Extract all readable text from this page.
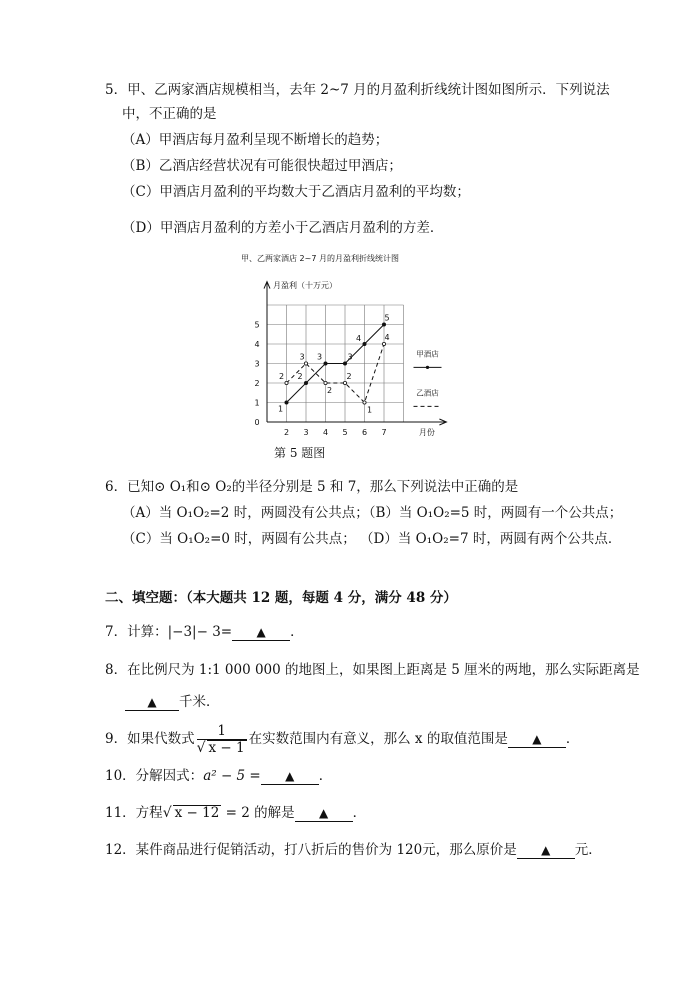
5．甲、乙两家酒店规模相当，去年 2~7 月的月盈利折线统计图如图所示．下列说法
中，不正确的是
（A）甲酒店每月盈利呈现不断增长的趋势；
（B）乙酒店经营状况有可能很快超过甲酒店；
（C）甲酒店月盈利的平均数大于乙酒店月盈利的平均数；
（D）甲酒店月盈利的方差小于乙酒店月盈利的方差．
甲、乙两家酒店 2~7 月的月盈利折线统计图
月盈利（十万元）
月份
0
1
2
3
4
5
2 3 4 5 6 7
1
2
3	3
4
5
2
3
2
2
1
4
甲酒店
乙酒店
第 5 题图
6．已知⊙ O₁和⊙ O₂的半径分别是 5 和 7，那么下列说法中正确的是
（A）当 O₁O₂=2 时，两圆没有公共点；（B）当 O₁O₂=5 时，两圆有一个公共点；
（C）当 O₁O₂=0 时，两圆有公共点； （D）当 O₁O₂=7 时，两圆有两个公共点．
二、填空题：（本大题共 12 题，每题 4 分，满分 48 分）
7．计算：|−3|− 3= ▲ ．
8．在比例尺为 1:1 000 000 的地图上，如果图上距离是 5 厘米的两地，那么实际距离是
▲ 千米．
9．如果代数式 $\frac{1}{√ x - 1}$ 在实数范围内有意义，那么 x 的取值范围是 ▲ ．
10．分解因式：a² − 5 = ▲ ．
11．方程√ x − 12 = 2 的解是 ▲ ．
12．某件商品进行促销活动，打八折后的售价为 120元，那么原价是 ▲ 元．
